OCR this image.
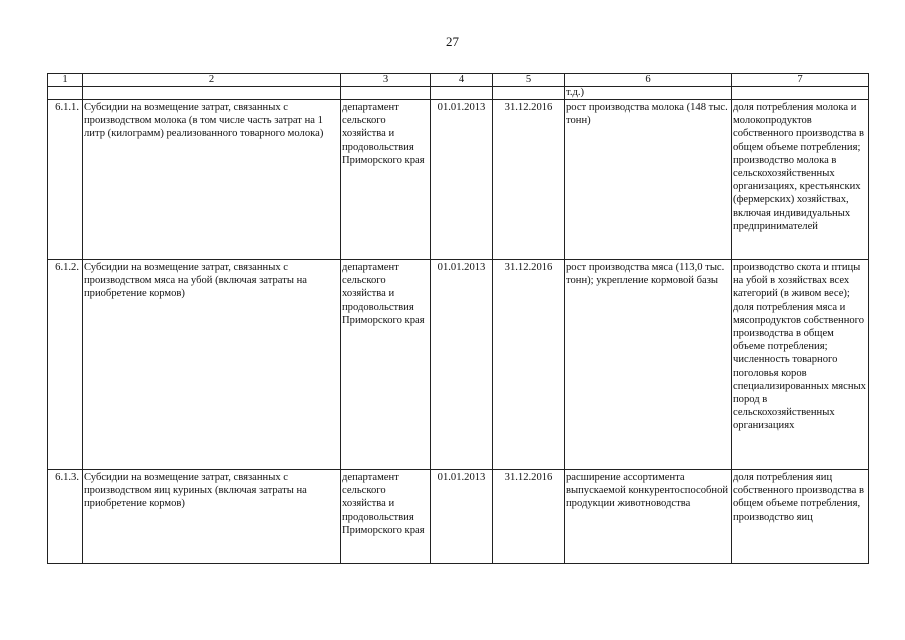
27
1	2	3	4	5	6	7
					т.д.)	
6.1.1.	Субсидии на возмещение затрат, связанных с производством молока (в том числе часть затрат на 1 литр (килограмм) реализованного товарного молока)	департамент сельского хозяйства и продовольствия Приморского края	01.01.2013	31.12.2016	рост производства молока (148 тыс. тонн)	доля потребления молока и молокопродуктов собственного производства в общем объеме потребления; производство молока в сельскохозяйственных организациях, крестьянских (фермерских) хозяйствах, включая индивидуальных предпринимателей
6.1.2.	Субсидии на возмещение затрат, связанных с производством мяса на убой (включая затраты на приобретение кормов)	департамент сельского хозяйства и продовольствия Приморского края	01.01.2013	31.12.2016	рост производства мяса (113,0 тыс. тонн); укрепление кормовой базы	производство скота и птицы на убой в хозяйствах всех категорий (в живом весе); доля потребления мяса и мясопродуктов собственного производства в общем объеме потребления; численность товарного поголовья коров специализированных мясных пород в сельскохозяйственных организациях
6.1.3.	Субсидии на возмещение затрат, связанных с производством яиц куриных (включая затраты на приобретение кормов)	департамент сельского хозяйства и продовольствия Приморского края	01.01.2013	31.12.2016	расширение ассортимента выпускаемой конкурентоспособной продукции животноводства	доля потребления яиц собственного производства в общем объеме потребления, производство яиц
